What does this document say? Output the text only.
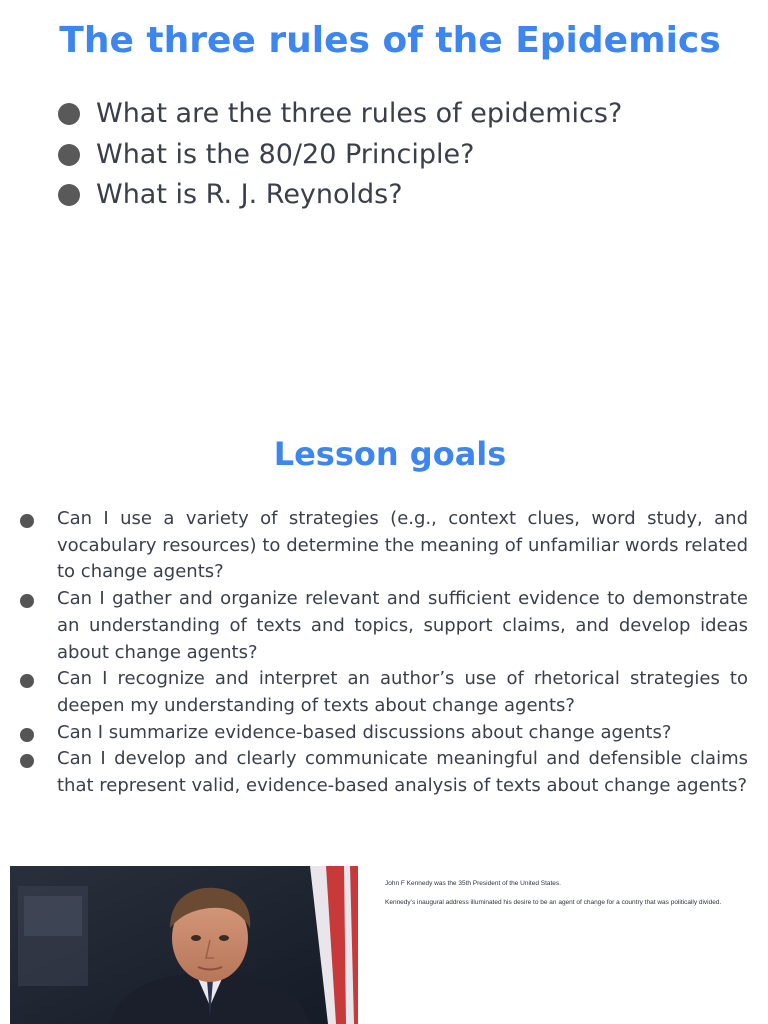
The three rules of the Epidemics
What are the three rules of epidemics?
What is the 80/20 Principle?
What is R. J. Reynolds?
Lesson goals
Can I use a variety of strategies (e.g., context clues, word study, and vocabulary resources) to determine the meaning of unfamiliar words related to change agents?
Can I gather and organize relevant and sufficient evidence to demonstrate an understanding of texts and topics, support claims, and develop ideas about change agents?
Can I recognize and interpret an author’s use of rhetorical strategies to deepen my understanding of texts about change agents?
Can I summarize evidence-based discussions about change agents?
Can I develop and clearly communicate meaningful and defensible claims that represent valid, evidence-based analysis of texts about change agents?

John F Kennedy was the 35th President of the United States.

Kennedy’s inaugural address illuminated his desire to be an agent of change for a country that was politically divided.
